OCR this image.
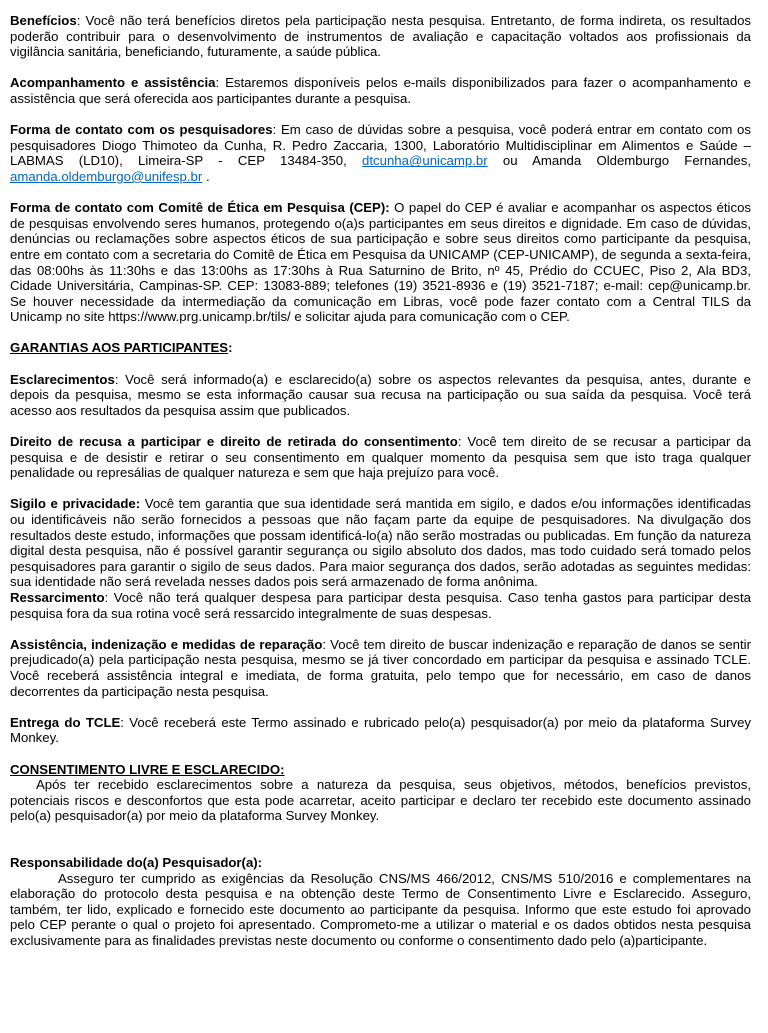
Benefícios: Você não terá benefícios diretos pela participação nesta pesquisa. Entretanto, de forma indireta, os resultados poderão contribuir para o desenvolvimento de instrumentos de avaliação e capacitação voltados aos profissionais da vigilância sanitária, beneficiando, futuramente, a saúde pública.

Acompanhamento e assistência: Estaremos disponíveis pelos e-mails disponibilizados para fazer o acompanhamento e assistência que será oferecida aos participantes durante a pesquisa.

Forma de contato com os pesquisadores: Em caso de dúvidas sobre a pesquisa, você poderá entrar em contato com os pesquisadores Diogo Thimoteo da Cunha, R. Pedro Zaccaria, 1300, Laboratório Multidisciplinar em Alimentos e Saúde – LABMAS (LD10), Limeira-SP - CEP 13484-350, dtcunha@unicamp.br ou Amanda Oldemburgo Fernandes, amanda.oldemburgo@unifesp.br .

Forma de contato com Comitê de Ética em Pesquisa (CEP): O papel do CEP é avaliar e acompanhar os aspectos éticos de pesquisas envolvendo seres humanos, protegendo o(a)s participantes em seus direitos e dignidade. Em caso de dúvidas, denúncias ou reclamações sobre aspectos éticos de sua participação e sobre seus direitos como participante da pesquisa, entre em contato com a secretaria do Comitê de Ética em Pesquisa da UNICAMP (CEP-UNICAMP), de segunda a sexta-feira, das 08:00hs às 11:30hs e das 13:00hs as 17:30hs à Rua Saturnino de Brito, nº 45, Prédio do CCUEC, Piso 2, Ala BD3, Cidade Universitária, Campinas-SP. CEP: 13083-889; telefones (19) 3521-8936 e (19) 3521-7187; e-mail: cep@unicamp.br. Se houver necessidade da intermediação da comunicação em Libras, você pode fazer contato com a Central TILS da Unicamp no site https://www.prg.unicamp.br/tils/ e solicitar ajuda para comunicação com o CEP.

GARANTIAS AOS PARTICIPANTES:

Esclarecimentos: Você será informado(a) e esclarecido(a) sobre os aspectos relevantes da pesquisa, antes, durante e depois da pesquisa, mesmo se esta informação causar sua recusa na participação ou sua saída da pesquisa. Você terá acesso aos resultados da pesquisa assim que publicados.

Direito de recusa a participar e direito de retirada do consentimento: Você tem direito de se recusar a participar da pesquisa e de desistir e retirar o seu consentimento em qualquer momento da pesquisa sem que isto traga qualquer penalidade ou represálias de qualquer natureza e sem que haja prejuízo para você.

Sigilo e privacidade: Você tem garantia que sua identidade será mantida em sigilo, e dados e/ou informações identificadas ou identificáveis não serão fornecidos a pessoas que não façam parte da equipe de pesquisadores. Na divulgação dos resultados deste estudo, informações que possam identificá-lo(a) não serão mostradas ou publicadas. Em função da natureza digital desta pesquisa, não é possível garantir segurança ou sigilo absoluto dos dados, mas todo cuidado será tomado pelos pesquisadores para garantir o sigilo de seus dados. Para maior segurança dos dados, serão adotadas as seguintes medidas: sua identidade não será revelada nesses dados pois será armazenado de forma anônima.

Ressarcimento: Você não terá qualquer despesa para participar desta pesquisa. Caso tenha gastos para participar desta pesquisa fora da sua rotina você será ressarcido integralmente de suas despesas.

Assistência, indenização e medidas de reparação: Você tem direito de buscar indenização e reparação de danos se sentir prejudicado(a) pela participação nesta pesquisa, mesmo se já tiver concordado em participar da pesquisa e assinado TCLE. Você receberá assistência integral e imediata, de forma gratuita, pelo tempo que for necessário, em caso de danos decorrentes da participação nesta pesquisa.

Entrega do TCLE: Você receberá este Termo assinado e rubricado pelo(a) pesquisador(a) por meio da plataforma Survey Monkey.

CONSENTIMENTO LIVRE E ESCLARECIDO:

Após ter recebido esclarecimentos sobre a natureza da pesquisa, seus objetivos, métodos, benefícios previstos, potenciais riscos e desconfortos que esta pode acarretar, aceito participar e declaro ter recebido este documento assinado pelo(a) pesquisador(a) por meio da plataforma Survey Monkey.

Responsabilidade do(a) Pesquisador(a):

Asseguro ter cumprido as exigências da Resolução CNS/MS 466/2012, CNS/MS 510/2016 e complementares na elaboração do protocolo desta pesquisa e na obtenção deste Termo de Consentimento Livre e Esclarecido. Asseguro, também, ter lido, explicado e fornecido este documento ao participante da pesquisa. Informo que este estudo foi aprovado pelo CEP perante o qual o projeto foi apresentado. Comprometo-me a utilizar o material e os dados obtidos nesta pesquisa exclusivamente para as finalidades previstas neste documento ou conforme o consentimento dado pelo (a)participante.
